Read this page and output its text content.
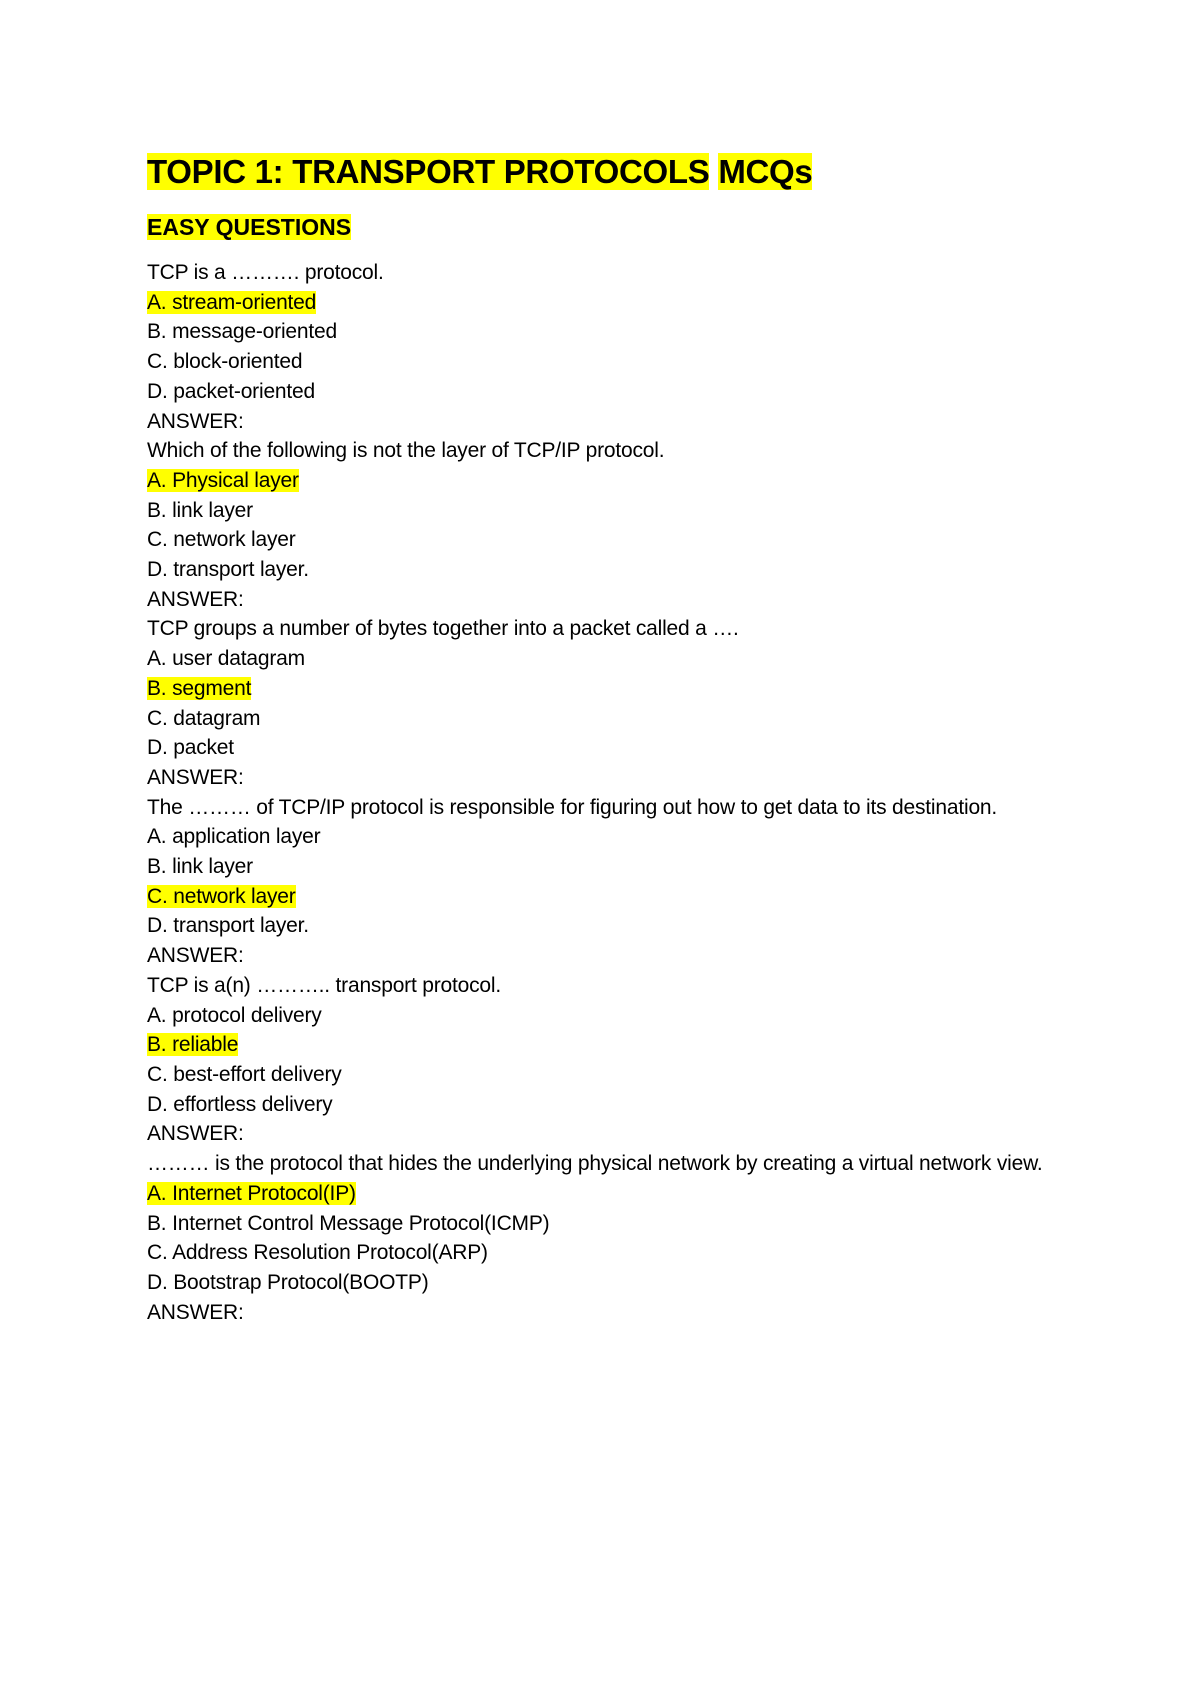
TOPIC 1: TRANSPORT PROTOCOLS MCQs
EASY QUESTIONS
TCP is a ………. protocol.
A. stream-oriented
B. message-oriented
C. block-oriented
D. packet-oriented
ANSWER:
Which of the following is not the layer of TCP/IP protocol.
A. Physical layer
B. link layer
C. network layer
D. transport layer.
ANSWER:
TCP groups a number of bytes together into a packet called a ….
A. user datagram
B. segment
C. datagram
D. packet
ANSWER:
The ……… of TCP/IP protocol is responsible for figuring out how to get data to its destination.
A. application layer
B. link layer
C. network layer
D. transport layer.
ANSWER:
TCP is a(n) ……….. transport protocol.
A. protocol delivery
B. reliable
C. best-effort delivery
D. effortless delivery
ANSWER:
……… is the protocol that hides the underlying physical network by creating a virtual network view.
A. Internet Protocol(IP)
B. Internet Control Message Protocol(ICMP)
C. Address Resolution Protocol(ARP)
D. Bootstrap Protocol(BOOTP)
ANSWER:
